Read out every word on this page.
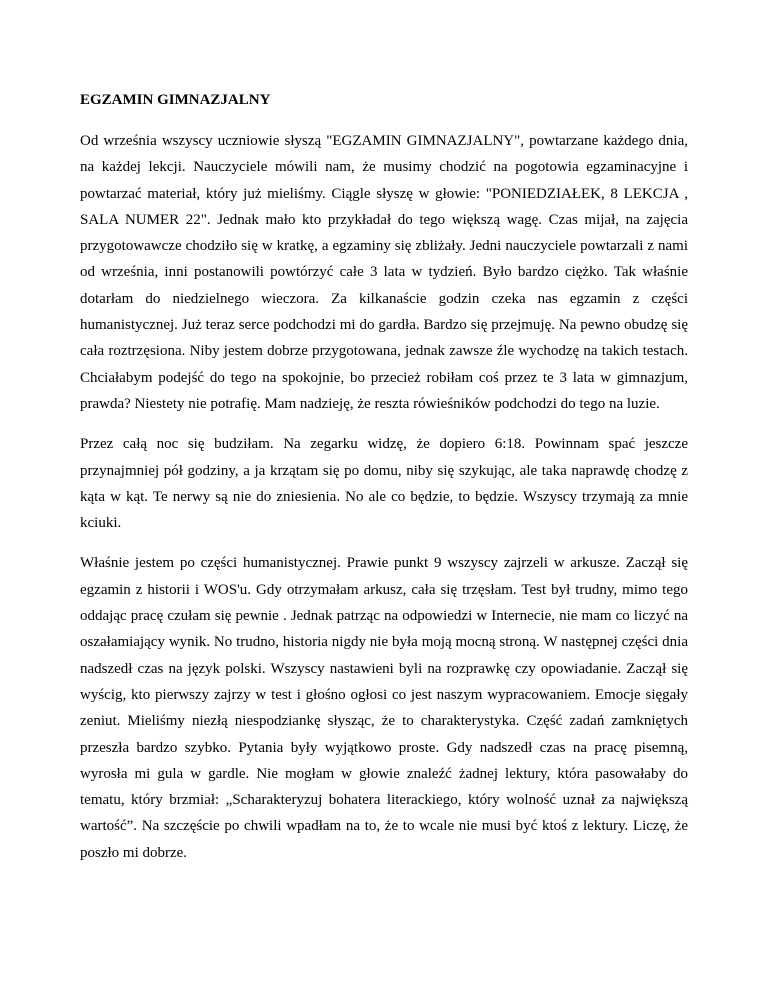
EGZAMIN GIMNAZJALNY

Od września wszyscy uczniowie słyszą "EGZAMIN GIMNAZJALNY", powtarzane każdego dnia, na każdej lekcji. Nauczyciele mówili nam, że musimy chodzić na pogotowia egzaminacyjne i powtarzać materiał, który już mieliśmy. Ciągle słyszę w głowie: "PONIEDZIAŁEK, 8 LEKCJA , SALA NUMER 22". Jednak mało kto przykładał do tego większą wagę. Czas mijał, na zajęcia przygotowawcze chodziło się w kratkę, a egzaminy się zbliżały. Jedni nauczyciele powtarzali z nami od września, inni postanowili powtórzyć całe 3 lata w tydzień. Było bardzo ciężko. Tak właśnie dotarłam do niedzielnego wieczora. Za kilkanaście godzin czeka nas egzamin z części humanistycznej. Już teraz serce podchodzi mi do gardła. Bardzo się przejmuję. Na pewno obudzę się cała roztrzęsiona. Niby jestem dobrze przygotowana, jednak zawsze źle wychodzę na takich testach. Chciałabym podejść do tego na spokojnie, bo przecież robiłam coś przez te 3 lata w gimnazjum, prawda? Niestety nie potrafię. Mam nadzieję, że reszta rówieśników podchodzi do tego na luzie.

Przez całą noc się budziłam. Na zegarku widzę, że dopiero 6:18. Powinnam spać jeszcze przynajmniej pół godziny, a ja krzątam się po domu, niby się szykując, ale taka naprawdę chodzę z kąta w kąt. Te nerwy są nie do zniesienia. No ale co będzie, to będzie. Wszyscy trzymają za mnie kciuki.

Właśnie jestem po części humanistycznej. Prawie punkt 9 wszyscy zajrzeli w arkusze. Zaczął się egzamin z historii i WOS'u. Gdy otrzymałam arkusz, cała się trzęsłam. Test był trudny, mimo tego oddając pracę czułam się pewnie . Jednak patrząc na odpowiedzi w Internecie, nie mam co liczyć na oszałamiający wynik. No trudno, historia nigdy nie była moją mocną stroną. W następnej części dnia nadszedł czas na język polski. Wszyscy nastawieni byli na rozprawkę czy opowiadanie. Zaczął się wyścig, kto pierwszy zajrzy w test i głośno ogłosi co jest naszym wypracowaniem. Emocje sięgały zeniut. Mieliśmy niezłą niespodziankę słysząc, że to charakterystyka. Część zadań zamkniętych przeszła bardzo szybko. Pytania były wyjątkowo proste. Gdy nadszedł czas na pracę pisemną, wyrosła mi gula w gardle. Nie mogłam w głowie znaleźć żadnej lektury, która pasowałaby do tematu, który brzmiał: „Scharakteryzuj bohatera literackiego, który wolność uznał za największą wartość”. Na szczęście po chwili wpadłam na to, że to wcale nie musi być ktoś z lektury. Liczę, że poszło mi dobrze.
